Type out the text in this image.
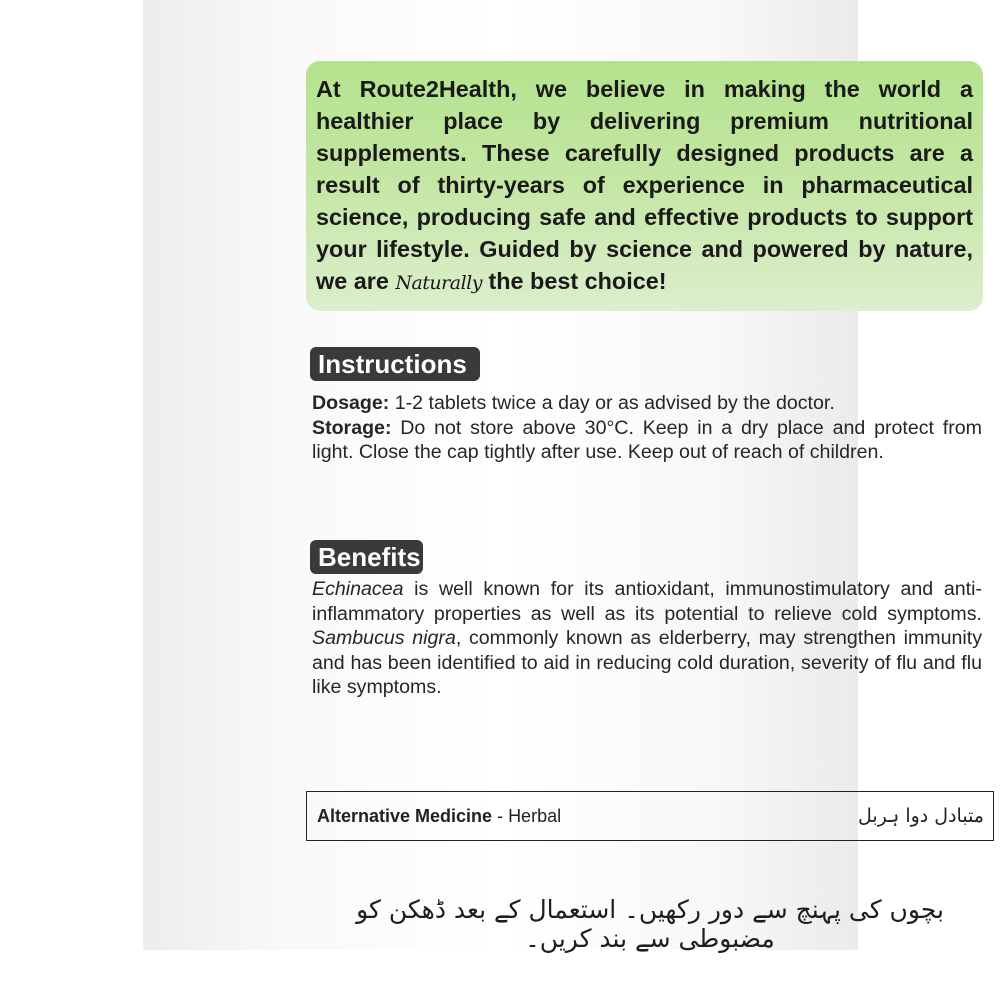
At Route2Health, we believe in making the world a healthier place by delivering premium nutritional supplements. These carefully designed products are a result of thirty-years of experience in pharmaceutical science, producing safe and effective products to support your lifestyle. Guided by science and powered by nature, we are Naturally the best choice!

Instructions

Dosage: 1-2 tablets twice a day or as advised by the doctor.

Storage: Do not store above 30°C. Keep in a dry place and protect from light. Close the cap tightly after use. Keep out of reach of children.

Benefits

Echinacea is well known for its antioxidant, immunostimulatory and anti-inflammatory properties as well as its potential to relieve cold symptoms. Sambucus nigra, commonly known as elderberry, may strengthen immunity and has been identified to aid in reducing cold duration, severity of flu and flu like symptoms.

Alternative Medicine - Herbal	متبادل دوا ہربل
بچوں کی پہنچ سے دور رکھیں۔ استعمال کے بعد ڈھکن کو مضبوطی سے بند کریں۔
